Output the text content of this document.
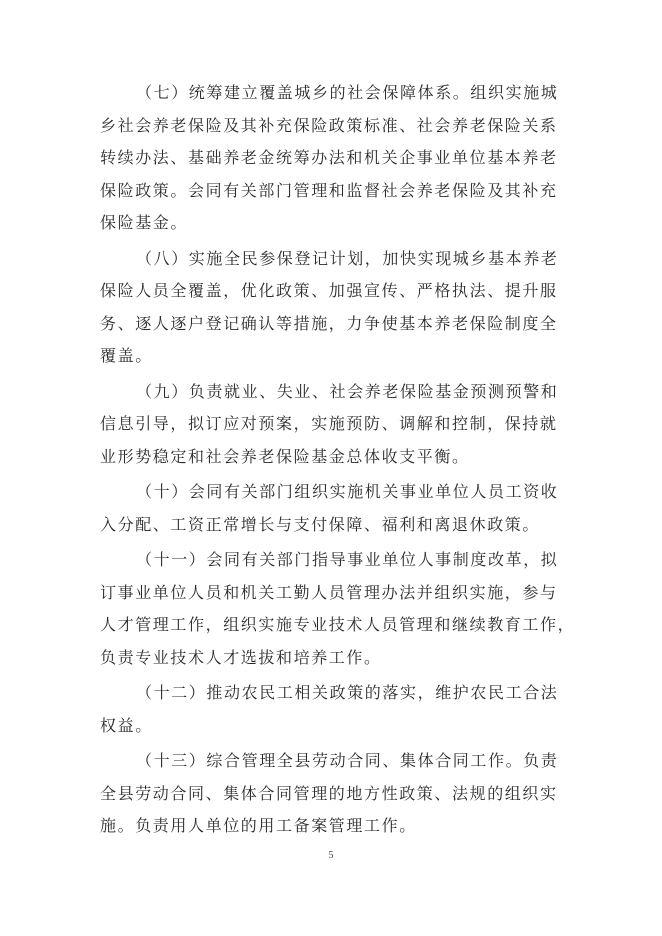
（七）统筹建立覆盖城乡的社会保障体系。组织实施城
乡社会养老保险及其补充保险政策标准、社会养老保险关系
转续办法、基础养老金统筹办法和机关企事业单位基本养老
保险政策。会同有关部门管理和监督社会养老保险及其补充
保险基金。
（八）实施全民参保登记计划，加快实现城乡基本养老
保险人员全覆盖，优化政策、加强宣传、严格执法、提升服
务、逐人逐户登记确认等措施，力争使基本养老保险制度全
覆盖。
（九）负责就业、失业、社会养老保险基金预测预警和
信息引导，拟订应对预案，实施预防、调解和控制，保持就
业形势稳定和社会养老保险基金总体收支平衡。
（十）会同有关部门组织实施机关事业单位人员工资收
入分配、工资正常增长与支付保障、福利和离退休政策。
（十一）会同有关部门指导事业单位人事制度改革，拟
订事业单位人员和机关工勤人员管理办法并组织实施，参与
人才管理工作，组织实施专业技术人员管理和继续教育工作，
负责专业技术人才选拔和培养工作。
（十二）推动农民工相关政策的落实，维护农民工合法
权益。
（十三）综合管理全县劳动合同、集体合同工作。负责
全县劳动合同、集体合同管理的地方性政策、法规的组织实
施。负责用人单位的用工备案管理工作。
5
